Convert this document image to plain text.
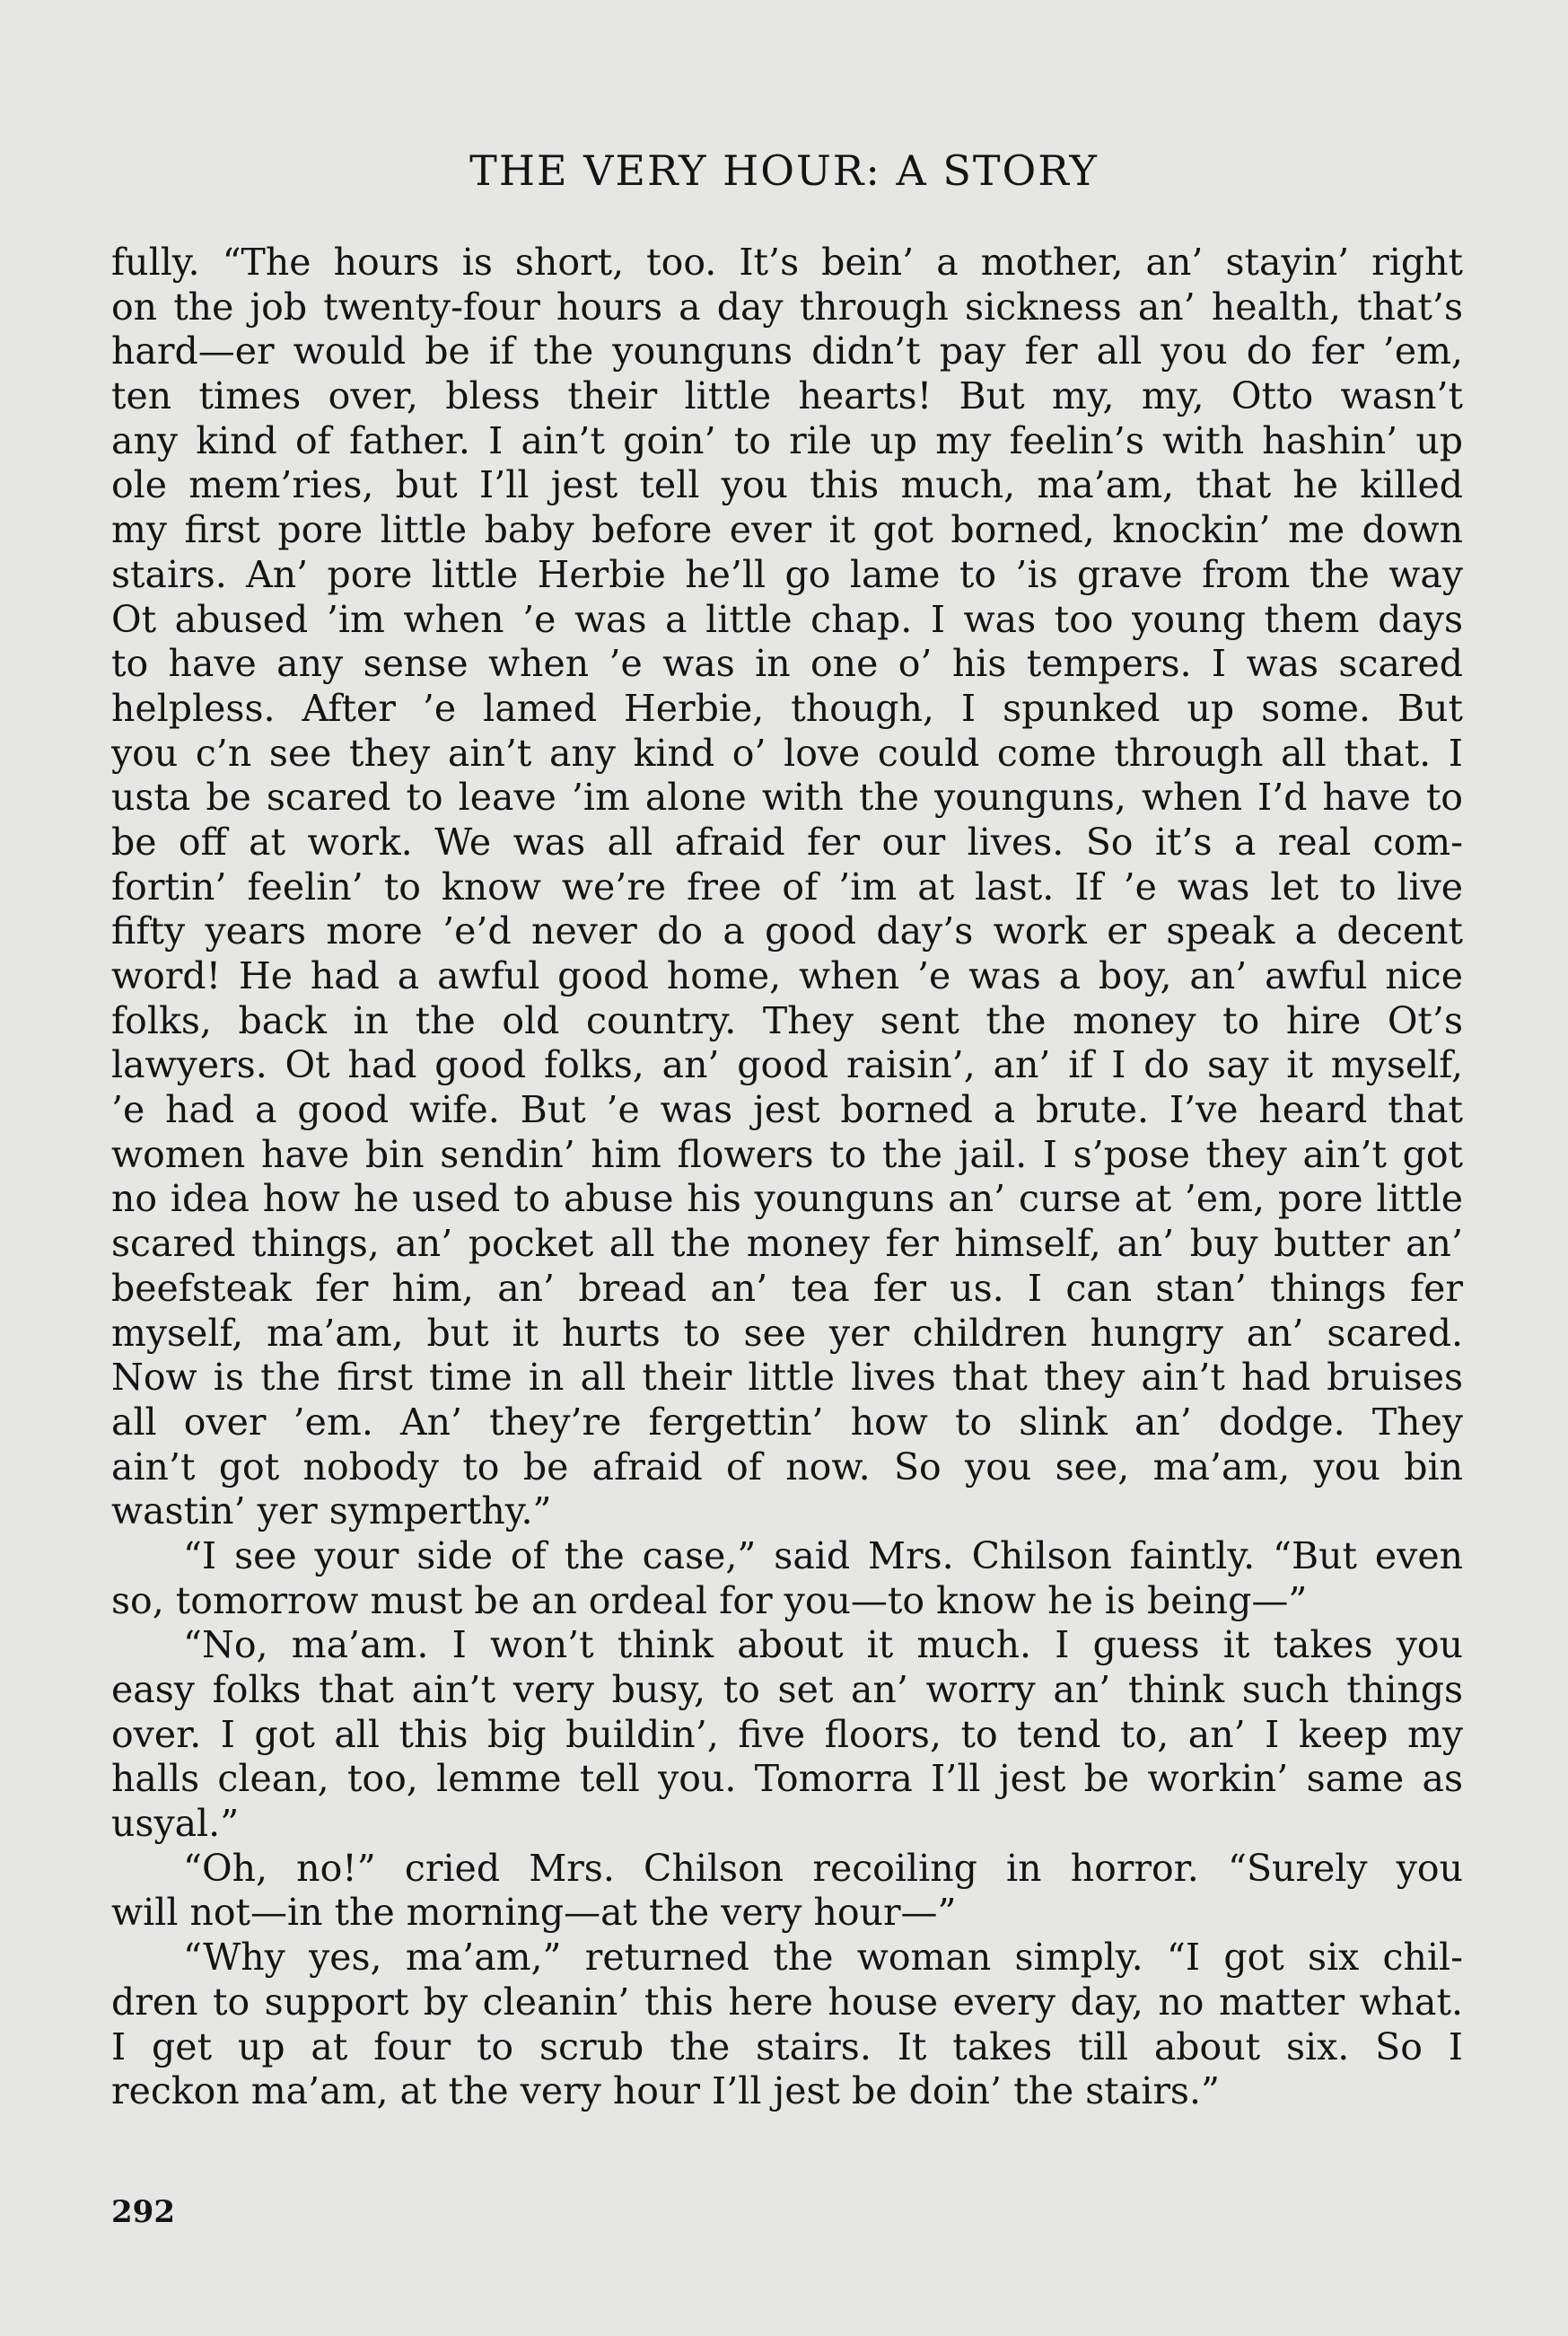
THE VERY HOUR: A STORY
fully. “The hours is short, too. It’s bein’ a mother, an’ stayin’ right
on the job twenty-four hours a day through sickness an’ health, that’s
hard—er would be if the younguns didn’t pay fer all you do fer ’em,
ten times over, bless their little hearts! But my, my, Otto wasn’t
any kind of father. I ain’t goin’ to rile up my feelin’s with hashin’ up
ole mem’ries, but I’ll jest tell you this much, ma’am, that he killed
my first pore little baby before ever it got borned, knockin’ me down
stairs. An’ pore little Herbie he’ll go lame to ’is grave from the way
Ot abused ’im when ’e was a little chap. I was too young them days
to have any sense when ’e was in one o’ his tempers. I was scared
helpless. After ’e lamed Herbie, though, I spunked up some. But
you c’n see they ain’t any kind o’ love could come through all that. I
usta be scared to leave ’im alone with the younguns, when I’d have to
be off at work. We was all afraid fer our lives. So it’s a real com-
fortin’ feelin’ to know we’re free of ’im at last. If ’e was let to live
fifty years more ’e’d never do a good day’s work er speak a decent
word! He had a awful good home, when ’e was a boy, an’ awful nice
folks, back in the old country. They sent the money to hire Ot’s
lawyers. Ot had good folks, an’ good raisin’, an’ if I do say it myself,
’e had a good wife. But ’e was jest borned a brute. I’ve heard that
women have bin sendin’ him flowers to the jail. I s’pose they ain’t got
no idea how he used to abuse his younguns an’ curse at ’em, pore little
scared things, an’ pocket all the money fer himself, an’ buy butter an’
beefsteak fer him, an’ bread an’ tea fer us. I can stan’ things fer
myself, ma’am, but it hurts to see yer children hungry an’ scared.
Now is the first time in all their little lives that they ain’t had bruises
all over ’em. An’ they’re fergettin’ how to slink an’ dodge. They
ain’t got nobody to be afraid of now. So you see, ma’am, you bin
wastin’ yer symperthy.”
“I see your side of the case,” said Mrs. Chilson faintly. “But even
so, tomorrow must be an ordeal for you—to know he is being—”
“No, ma’am. I won’t think about it much. I guess it takes you
easy folks that ain’t very busy, to set an’ worry an’ think such things
over. I got all this big buildin’, five floors, to tend to, an’ I keep my
halls clean, too, lemme tell you. Tomorra I’ll jest be workin’ same as
usyal.”
“Oh, no!” cried Mrs. Chilson recoiling in horror. “Surely you
will not—in the morning—at the very hour—”
“Why yes, ma’am,” returned the woman simply. “I got six chil-
dren to support by cleanin’ this here house every day, no matter what.
I get up at four to scrub the stairs. It takes till about six. So I
reckon ma’am, at the very hour I’ll jest be doin’ the stairs.”
292
